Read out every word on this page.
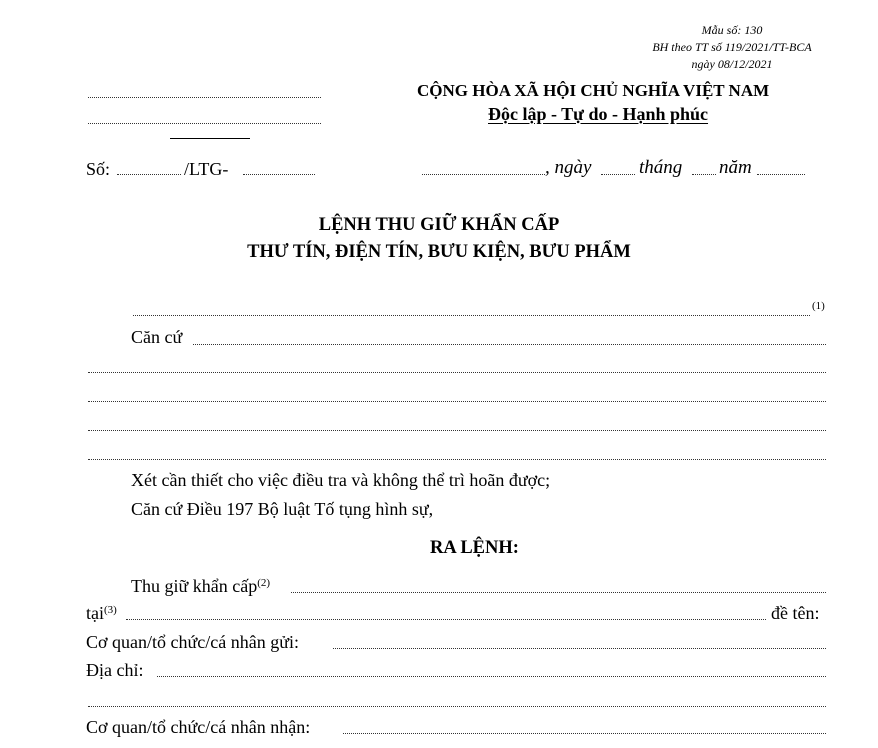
Mẫu số: 130
BH theo TT số 119/2021/TT-BCA
ngày 08/12/2021
CỘNG HÒA XÃ HỘI CHỦ NGHĨA VIỆT NAM
Độc lập - Tự do - Hạnh phúc
Số:	/LTG-	, ngày	tháng năm
LỆNH THU GIỮ KHẨN CẤP
THƯ TÍN, ĐIỆN TÍN, BƯU KIỆN, BƯU PHẨM
(1)
Căn cứ
Xét cần thiết cho việc điều tra và không thể trì hoãn được;
Căn cứ Điều 197 Bộ luật Tố tụng hình sự,
RA LỆNH:
Thu giữ khẩn cấp$^{(2)}$
tại$^{(3)}$	đề tên:
Cơ quan/tổ chức/cá nhân gửi:
Địa chỉ:
Cơ quan/tổ chức/cá nhân nhận:
